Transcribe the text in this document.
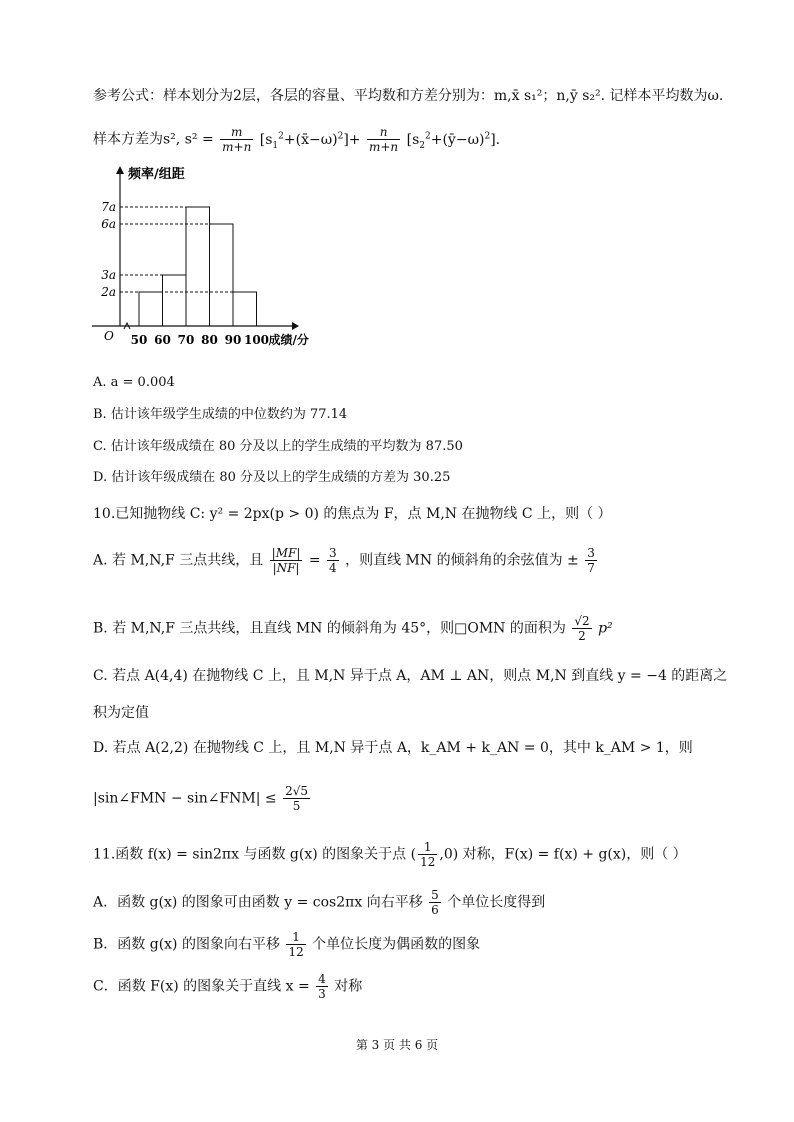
参考公式：样本划分为2层，各层的容量、平均数和方差分别为：m,x̄ s₁²；n,ȳ s₂². 记样本平均数为ω.
样本方差为s², $s^2 = \frac{m}{m+n}$ $[s_1^2+(x̄-\omega)^2]+ \frac{n}{m+n}$ $[s_2^2+(ȳ-\omega)^2]$.
7a
6a
3a
2a
50 60 70 80 90 100 成绩/分
频率/组距
O
A. a = 0.004
B. 估计该年级学生成绩的中位数约为 77.14
C. 估计该年级成绩在 80 分及以上的学生成绩的平均数为 87.50
D. 估计该年级成绩在 80 分及以上的学生成绩的方差为 30.25
10.已知抛物线 C: y² = 2px(p > 0) 的焦点为 F，点 M,N 在抛物线 C 上，则（ ）
A. 若 M,N,F 三点共线，且 $\frac{|MF|}{|NF|} = \frac{3}{4}$ ，则直线 MN 的倾斜角的余弦值为 ± $\frac{3}{7}$
B. 若 M,N,F 三点共线，且直线 MN 的倾斜角为 45°，则□OMN 的面积为 $\frac{√2}{2} p^2$
C. 若点 A(4,4) 在抛物线 C 上，且 M,N 异于点 A，AM ⊥ AN，则点 M,N 到直线 y = −4 的距离之
积为定值
D. 若点 A(2,2) 在抛物线 C 上，且 M,N 异于点 A，k_AM + k_AN = 0，其中 k_AM > 1，则
|sin∠FMN − sin∠FNM| ≤ $\frac{2√5}{5}$
11.函数 f(x) = sin2πx 与函数 g(x) 的图象关于点 ( $\frac{1}{12} ,0$) 对称，F(x) = f(x) + g(x)，则（ ）
A．函数 g(x) 的图象可由函数 y = cos2πx 向右平移 $\frac{5}{6}$ 个单位长度得到
B．函数 g(x) 的图象向右平移 $\frac{1}{12}$ 个单位长度为偶函数的图象
C．函数 F(x) 的图象关于直线 $x = \frac{4}{3}$ 对称
第 3 页 共 6 页
